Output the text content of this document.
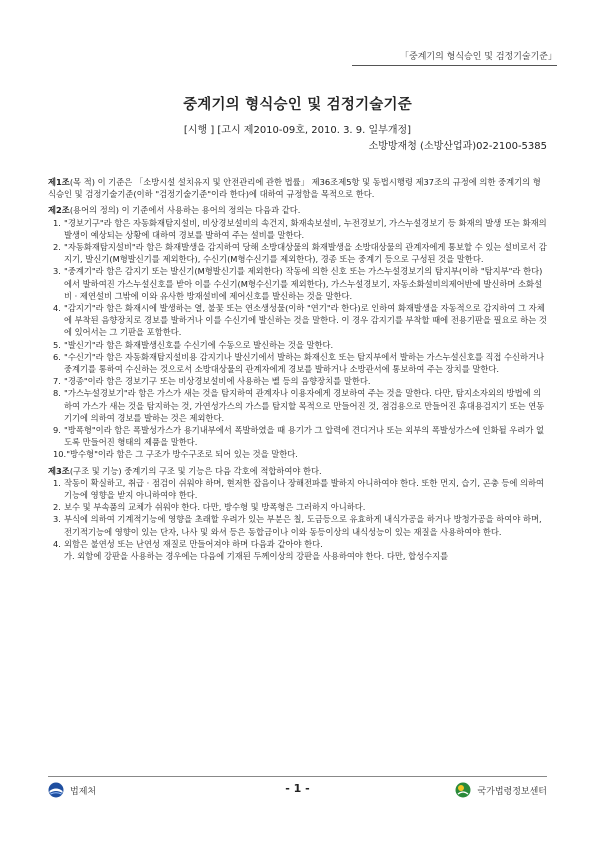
「중계기의 형식승인 및 검정기술기준」
중계기의 형식승인 및 검정기술기준
[시행 ] [고시 제2010-09호, 2010. 3. 9. 일부개정]
소방방재청 (소방산업과)02-2100-5385

제1조(목 적) 이 기준은 「소방시설 설치유지 및 안전관리에 관한 법률」 제36조제5항 및 동법시행령 제37조의 규정에 의한 중계기의 형식승인 및 검정기술기준(이하 "검정기술기준"이라 한다)에 대하여 규정함을 목적으로 한다.

제2조(용어의 정의) 이 기준에서 사용하는 용어의 정의는 다음과 같다.

1. "경보기구"라 함은 자동화재탐지설비, 비상경보설비의 속건지, 화재속보설비, 누전경보기, 가스누설경보기 등 화재의 발생 또는 화재의 발생이 예상되는 상황에 대하여 경보를 발하여 주는 설비를 말한다.
2. "자동화재탐지설비"라 함은 화재발생을 감지하여 당해 소방대상물의 화재발생을 소방대상물의 관계자에게 통보할 수 있는 설비로서 감지기, 발신기(M형발신기를 제외한다), 수신기(M형수신기를 제외한다), 경종 또는 중계기 등으로 구성된 것을 말한다.
3. "중계기"라 함은 감지기 또는 발신기(M형발신기를 제외한다) 작동에 의한 신호 또는 가스누설경보기의 탐지부(이하 "탐지부"라 한다)에서 발하여진 가스누설신호를 받아 이를 수신기(M형수신기를 제외한다), 가스누설경보기, 자동소화설비의제어반에 발신하며 소화설비 · 제연설비 그밖에 이와 유사한 방재설비에 제어신호를 발신하는 것을 말한다.
4. "감지기"라 함은 화재시에 발생하는 열, 불꽃 또는 연소생성물(이하 "연기"라 한다)로 인하여 화재발생을 자동적으로 감지하여 그 자체에 부착된 음향장치로 경보를 발하거나 이를 수신기에 발신하는 것을 말한다. 이 경우 감지기를 부착할 때에 전용기판을 필요로 하는 것에 있어서는 그 기판을 포함한다.
5. "발신기"라 함은 화재발생신호를 수신기에 수동으로 발신하는 것을 말한다.
6. "수신기"라 함은 자동화재탐지설비용 감지기나 발신기에서 발하는 화재신호 또는 탐지부에서 발하는 가스누설신호를 직접 수신하거나 중계기를 통하여 수신하는 것으로서 소방대상물의 관계자에게 경보를 발하거나 소방관서에 통보하여 주는 장치를 말한다.
7. "경종"이라 함은 경보기구 또는 비상경보설비에 사용하는 벨 등의 음향장치를 말한다.
8. "가스누설경보기"라 함은 가스가 새는 것을 탐지하여 관계자나 이용자에게 경보하여 주는 것을 말한다. 다만, 탐지소자외의 방법에 의하여 가스가 새는 것을 탐지하는 것, 가연성가스의 가스를 탐지할 목적으로 만들어진 것, 점검용으로 만들어진 휴대용검지기 또는 연동기기에 의하여 경보를 발하는 것은 제외한다.
9. "방폭형"이라 함은 폭발성가스가 용기내부에서 폭발하였을 때 용기가 그 압력에 견디거나 또는 외부의 폭발성가스에 인화될 우려가 없도록 만들어진 형태의 제품을 말한다.
10. "방수형"이라 함은 그 구조가 방수구조로 되어 있는 것을 말한다.

제3조(구조 및 기능) 중계기의 구조 및 기능은 다음 각호에 적합하여야 한다.

1. 작동이 확실하고, 취급 · 점검이 쉬워야 하며, 현저한 잡음이나 장해전파를 발하지 아니하여야 한다. 또한 먼지, 습기, 곤충 등에 의하여 기능에 영향을 받지 아니하여야 한다.
2. 보수 및 부속품의 교체가 쉬워야 한다. 다만, 방수형 및 방폭형은 그러하지 아니하다.
3. 부식에 의하여 기계적기능에 영향을 초래할 우려가 있는 부분은 칠, 도금등으로 유효하게 내식가공을 하거나 방청가공을 하여야 하며, 전기적기능에 영향이 있는 단자, 나사 및 와셔 등은 동합금이나 이와 동등이상의 내식성능이 있는 재질을 사용하여야 한다.
4. 외함은 불연성 또는 난연성 재질로 만들어져야 하며 다음과 같아야 한다.

가. 외함에 강판을 사용하는 경우에는 다음에 기재된 두께이상의 강판을 사용하여야 한다. 다만, 합성수지를

법제처	- 1 -	국가법령정보센터
